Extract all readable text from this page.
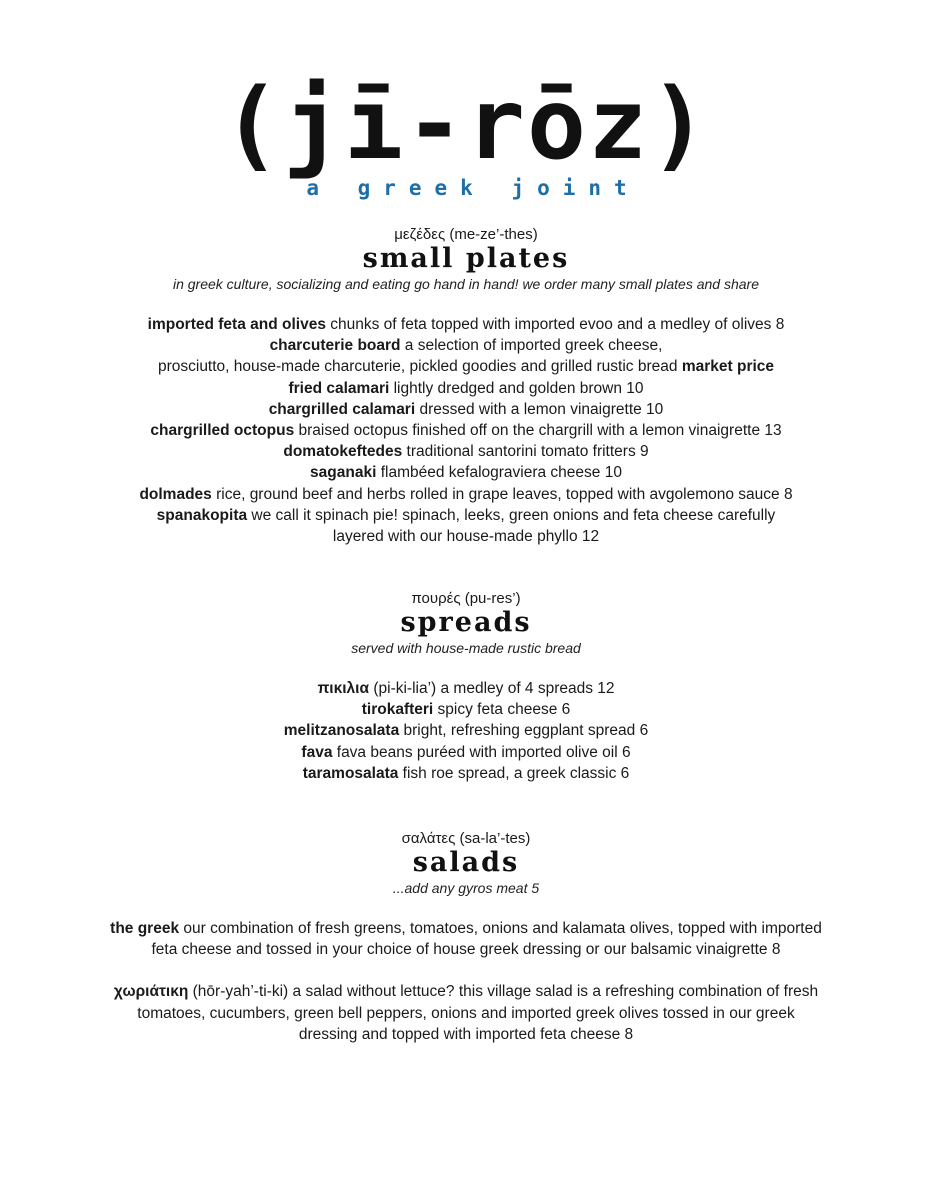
(jī-rōz)
a greek joint
μεζέδες (me-ze’-thes)
small plates
in greek culture, socializing and eating go hand in hand! we order many small plates and share
imported feta and olives chunks of feta topped with imported evoo and a medley of olives 8
charcuterie board a selection of imported greek cheese,
prosciutto, house-made charcuterie, pickled goodies and grilled rustic bread market price
fried calamari lightly dredged and golden brown 10
chargrilled calamari dressed with a lemon vinaigrette 10
chargrilled octopus braised octopus finished off on the chargrill with a lemon vinaigrette 13
domatokeftedes traditional santorini tomato fritters 9
saganaki flambéed kefalograviera cheese 10
dolmades rice, ground beef and herbs rolled in grape leaves, topped with avgolemono sauce 8
spanakopita we call it spinach pie! spinach, leeks, green onions and feta cheese carefully
layered with our house-made phyllo 12
πουρές (pu-res’)
spreads
served with house-made rustic bread
πικιλια (pi-ki-lia’) a medley of 4 spreads 12
tirokafteri spicy feta cheese 6
melitzanosalata bright, refreshing eggplant spread 6
fava fava beans puréed with imported olive oil 6
taramosalata fish roe spread, a greek classic 6
σαλάτες (sa-la’-tes)
salads
...add any gyros meat 5
the greek our combination of fresh greens, tomatoes, onions and kalamata olives, topped with imported feta cheese and tossed in your choice of house greek dressing or our balsamic vinaigrette 8
χωριάτικη (hōr-yah’-ti-ki) a salad without lettuce? this village salad is a refreshing combination of fresh tomatoes, cucumbers, green bell peppers, onions and imported greek olives tossed in our greek dressing and topped with imported feta cheese 8
